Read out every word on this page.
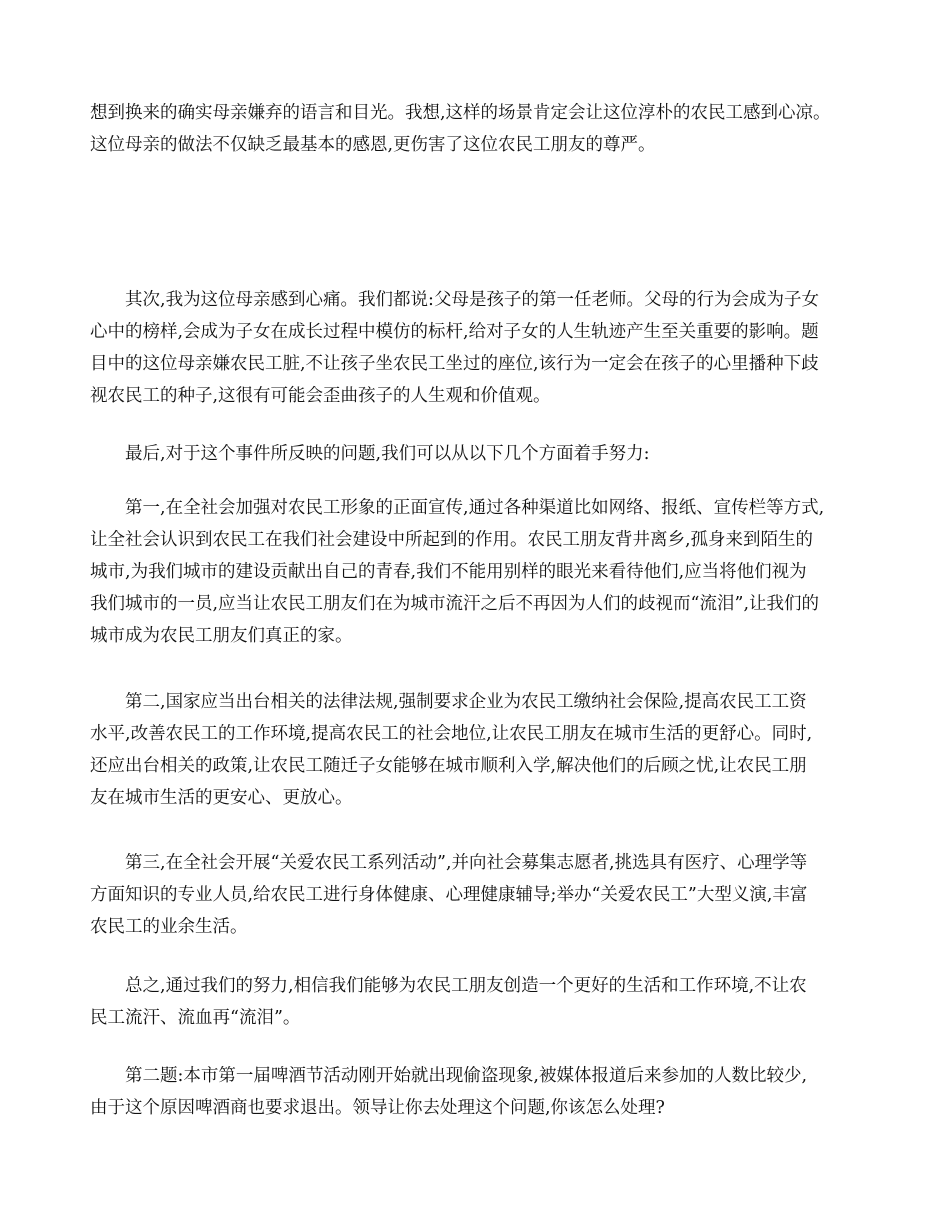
想到换来的确实母亲嫌弃的语言和目光。我想,这样的场景肯定会让这位淳朴的农民工感到心凉。
这位母亲的做法不仅缺乏最基本的感恩,更伤害了这位农民工朋友的尊严。
其次,我为这位母亲感到心痛。我们都说:父母是孩子的第一任老师。父母的行为会成为子女
心中的榜样,会成为子女在成长过程中模仿的标杆,给对子女的人生轨迹产生至关重要的影响。题
目中的这位母亲嫌农民工脏,不让孩子坐农民工坐过的座位,该行为一定会在孩子的心里播种下歧
视农民工的种子,这很有可能会歪曲孩子的人生观和价值观。
最后,对于这个事件所反映的问题,我们可以从以下几个方面着手努力:
第一,在全社会加强对农民工形象的正面宣传,通过各种渠道比如网络、报纸、宣传栏等方式,
让全社会认识到农民工在我们社会建设中所起到的作用。农民工朋友背井离乡,孤身来到陌生的
城市,为我们城市的建设贡献出自己的青春,我们不能用别样的眼光来看待他们,应当将他们视为
我们城市的一员,应当让农民工朋友们在为城市流汗之后不再因为人们的歧视而“流泪”,让我们的
城市成为农民工朋友们真正的家。
第二,国家应当出台相关的法律法规,强制要求企业为农民工缴纳社会保险,提高农民工工资
水平,改善农民工的工作环境,提高农民工的社会地位,让农民工朋友在城市生活的更舒心。同时,
还应出台相关的政策,让农民工随迁子女能够在城市顺利入学,解决他们的后顾之忧,让农民工朋
友在城市生活的更安心、更放心。
第三,在全社会开展“关爱农民工系列活动”,并向社会募集志愿者,挑选具有医疗、心理学等
方面知识的专业人员,给农民工进行身体健康、心理健康辅导;举办“关爱农民工”大型义演,丰富
农民工的业余生活。
总之,通过我们的努力,相信我们能够为农民工朋友创造一个更好的生活和工作环境,不让农
民工流汗、流血再“流泪”。
第二题:本市第一届啤酒节活动刚开始就出现偷盗现象,被媒体报道后来参加的人数比较少,
由于这个原因啤酒商也要求退出。领导让你去处理这个问题,你该怎么处理?
